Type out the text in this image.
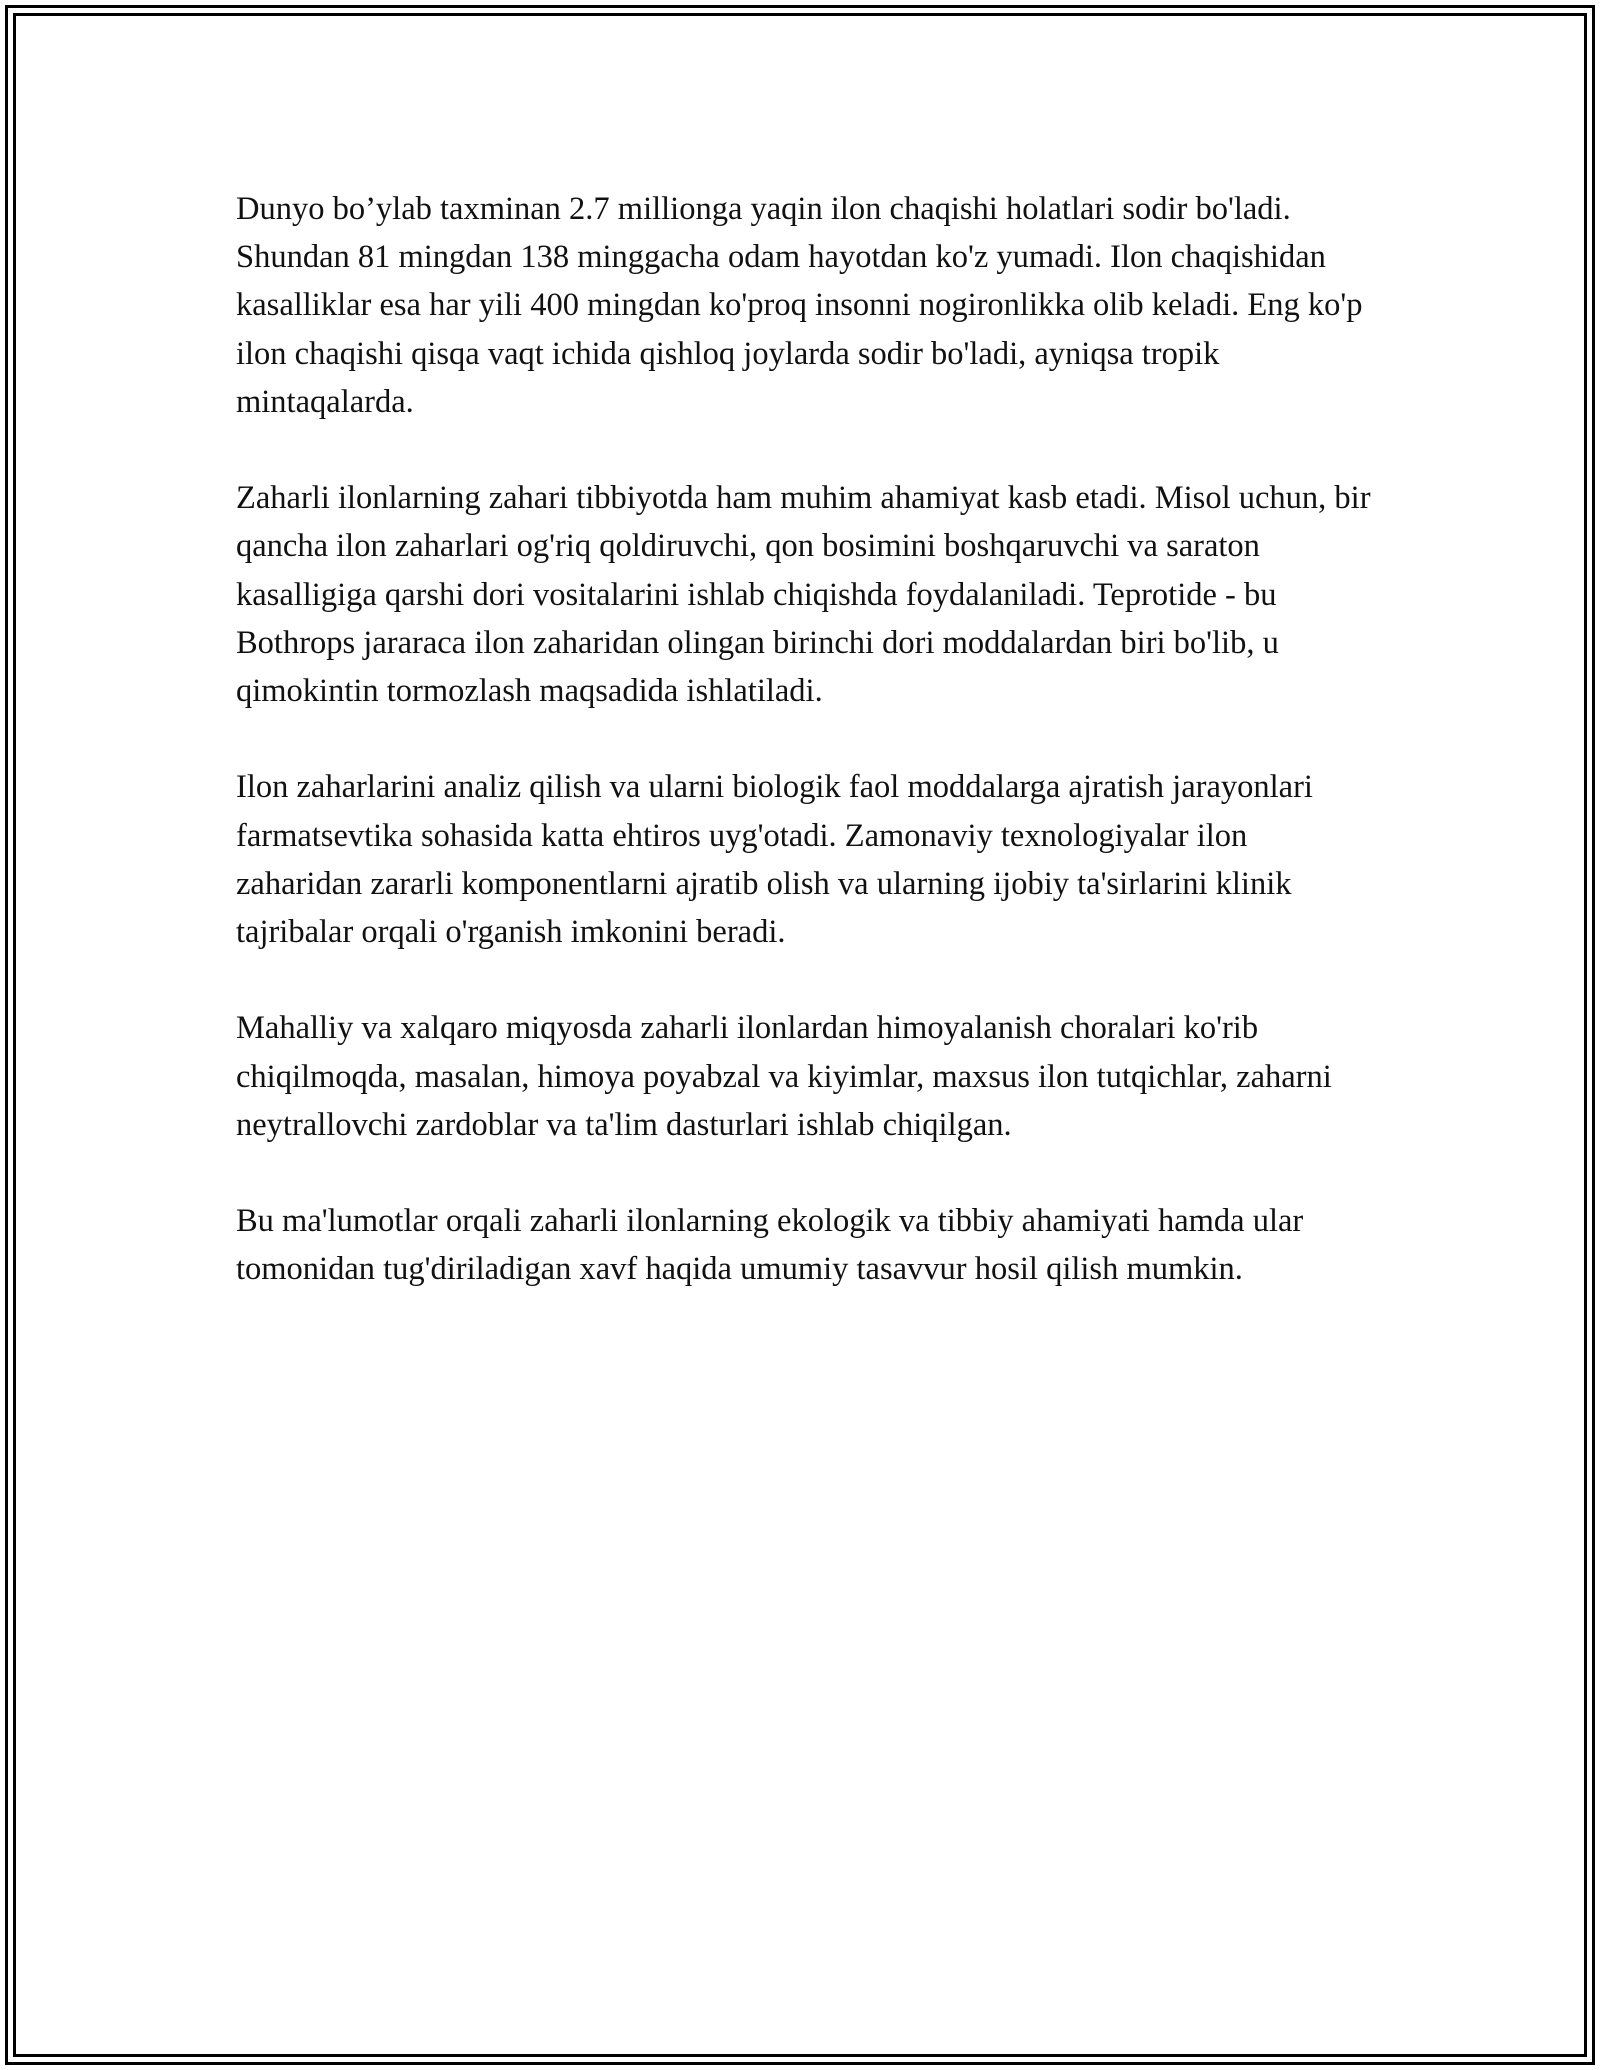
Dunyo bo’ylab taxminan 2.7 millionga yaqin ilon chaqishi holatlari sodir bo'ladi. Shundan 81 mingdan 138 minggacha odam hayotdan ko'z yumadi. Ilon chaqishidan kasalliklar esa har yili 400 mingdan ko'proq insonni nogironlikka olib keladi. Eng ko'p ilon chaqishi qisqa vaqt ichida qishloq joylarda sodir bo'ladi, ayniqsa tropik mintaqalarda.

Zaharli ilonlarning zahari tibbiyotda ham muhim ahamiyat kasb etadi. Misol uchun, bir qancha ilon zaharlari og'riq qoldiruvchi, qon bosimini boshqaruvchi va saraton kasalligiga qarshi dori vositalarini ishlab chiqishda foydalaniladi. Teprotide - bu Bothrops jararaca ilon zaharidan olingan birinchi dori moddalardan biri bo'lib, u qimokintin tormozlash maqsadida ishlatiladi.

Ilon zaharlarini analiz qilish va ularni biologik faol moddalarga ajratish jarayonlari farmatsevtika sohasida katta ehtiros uyg'otadi. Zamonaviy texnologiyalar ilon zaharidan zararli komponentlarni ajratib olish va ularning ijobiy ta'sirlarini klinik tajribalar orqali o'rganish imkonini beradi.

Mahalliy va xalqaro miqyosda zaharli ilonlardan himoyalanish choralari ko'rib chiqilmoqda, masalan, himoya poyabzal va kiyimlar, maxsus ilon tutqichlar, zaharni neytrallovchi zardoblar va ta'lim dasturlari ishlab chiqilgan.

Bu ma'lumotlar orqali zaharli ilonlarning ekologik va tibbiy ahamiyati hamda ular tomonidan tug'diriladigan xavf haqida umumiy tasavvur hosil qilish mumkin.
